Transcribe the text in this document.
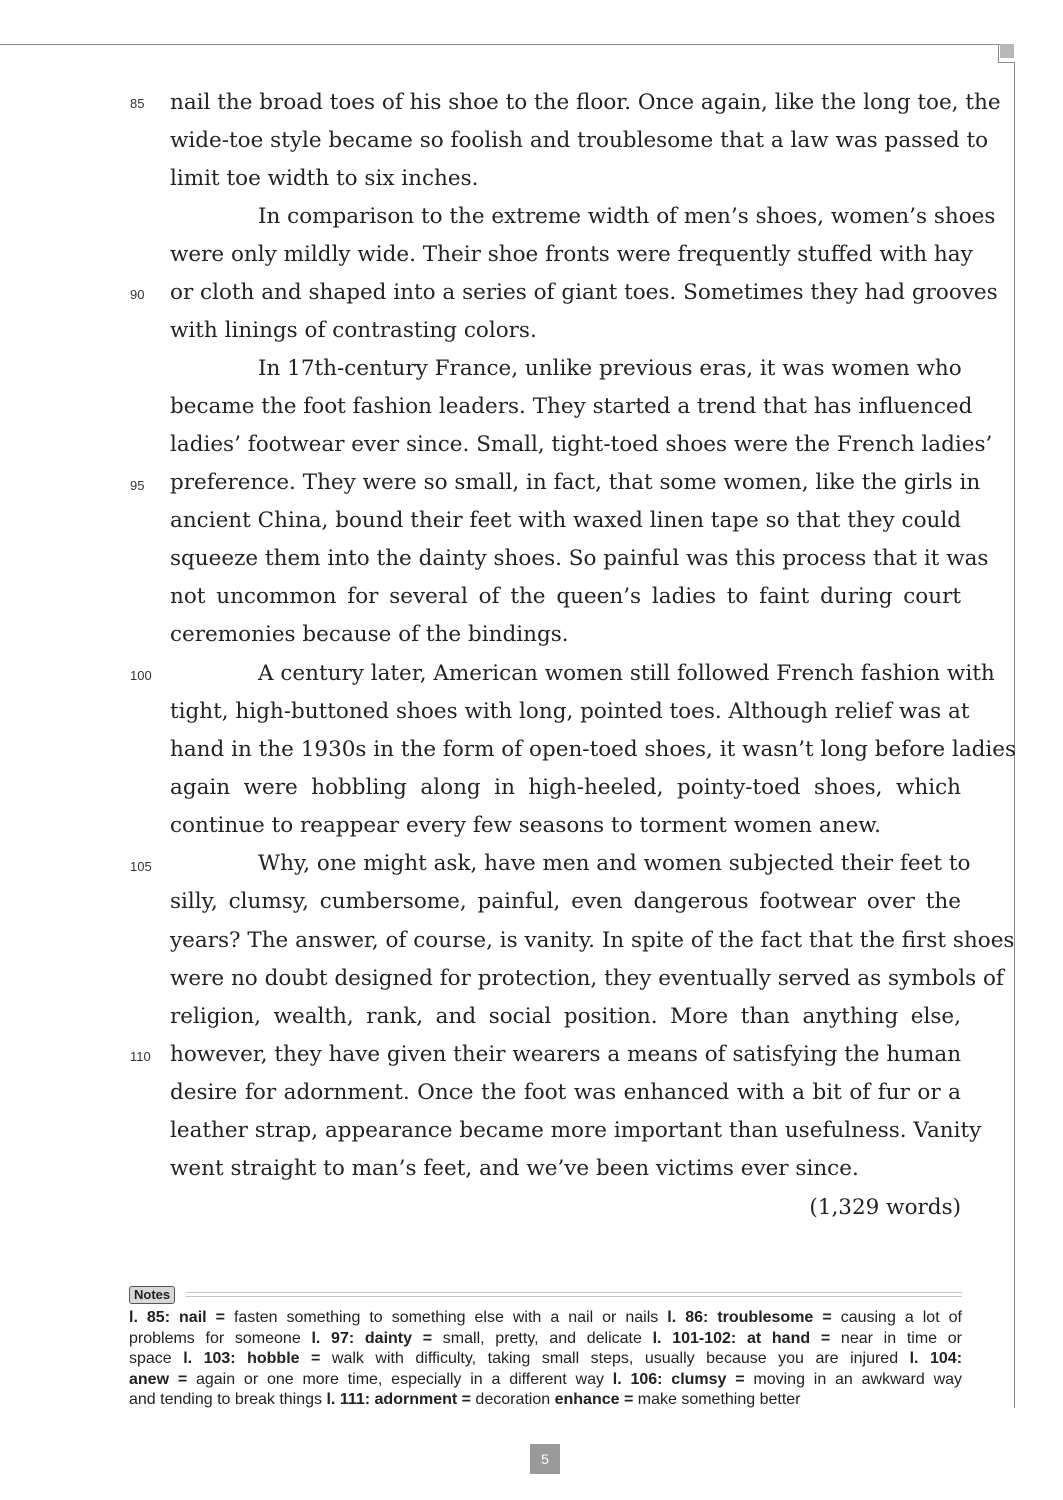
nail the broad toes of his shoe to the floor. Once again, like the long toe, the
wide-toe style became so foolish and troublesome that a law was passed to
limit toe width to six inches.
In comparison to the extreme width of men’s shoes, women’s shoes
were only mildly wide. Their shoe fronts were frequently stuffed with hay
or cloth and shaped into a series of giant toes. Sometimes they had grooves
with linings of contrasting colors.
In 17th-century France, unlike previous eras, it was women who
became the foot fashion leaders. They started a trend that has influenced
ladies’ footwear ever since. Small, tight-toed shoes were the French ladies’
preference. They were so small, in fact, that some women, like the girls in
ancient China, bound their feet with waxed linen tape so that they could
squeeze them into the dainty shoes. So painful was this process that it was
not uncommon for several of the queen’s ladies to faint during court
ceremonies because of the bindings.
A century later, American women still followed French fashion with
tight, high-buttoned shoes with long, pointed toes. Although relief was at
hand in the 1930s in the form of open-toed shoes, it wasn’t long before ladies
again were hobbling along in high-heeled, pointy-toed shoes, which
continue to reappear every few seasons to torment women anew.
Why, one might ask, have men and women subjected their feet to
silly, clumsy, cumbersome, painful, even dangerous footwear over the
years? The answer, of course, is vanity. In spite of the fact that the first shoes
were no doubt designed for protection, they eventually served as symbols of
religion, wealth, rank, and social position. More than anything else,
however, they have given their wearers a means of satisfying the human
desire for adornment. Once the foot was enhanced with a bit of fur or a
leather strap, appearance became more important than usefulness. Vanity
went straight to man’s feet, and we’ve been victims ever since.
85
90
95
100
105
110
(1,329 words)
Notes
l. 85: nail = fasten something to something else with a nail or nails l. 86: troublesome = causing a lot of
problems for someone l. 97: dainty = small, pretty, and delicate l. 101-102: at hand = near in time or
space l. 103: hobble = walk with difficulty, taking small steps, usually because you are injured l. 104:
anew = again or one more time, especially in a different way l. 106: clumsy = moving in an awkward way
and tending to break things l. 111: adornment = decoration enhance = make something better
5
